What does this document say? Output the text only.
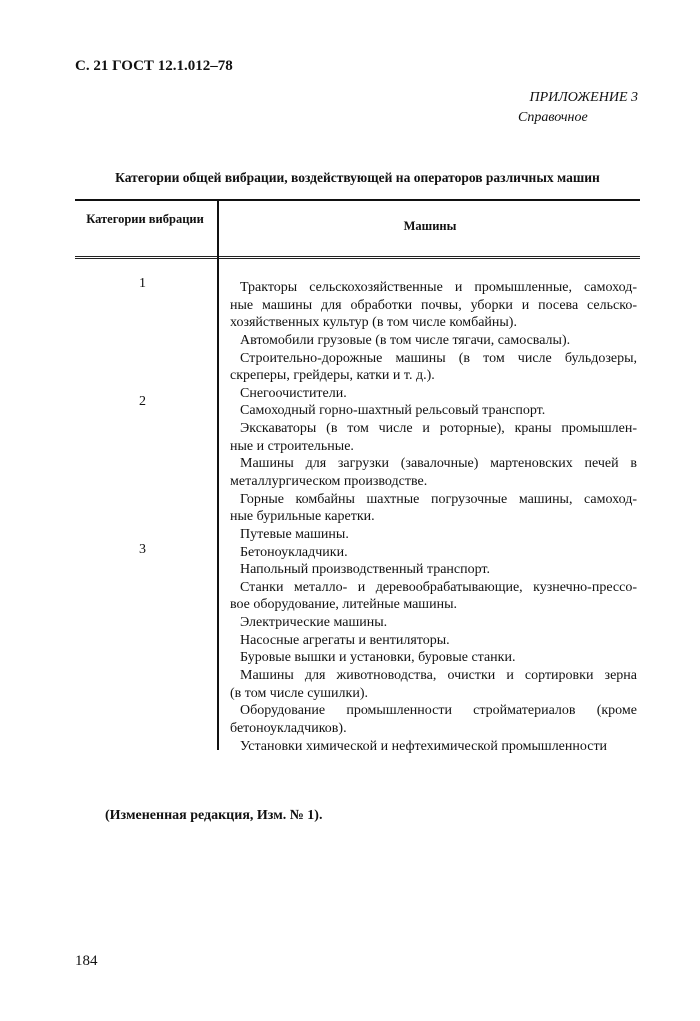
С. 21 ГОСТ 12.1.012–78
ПРИЛОЖЕНИЕ 3
Справочное
Категории общей вибрации, воздействующей на операторов различных машин
Категории вибрации	Машины
1
2
3
Тракторы сельскохозяйственные и промышленные, самоход-
ные машины для обработки почвы, уборки и посева сельско-
хозяйственных культур (в том числе комбайны).
Автомобили грузовые (в том числе тягачи, самосвалы).
Строительно-дорожные машины (в том числе бульдозеры,
скреперы, грейдеры, катки и т. д.).
Снегоочистители.
Самоходный горно-шахтный рельсовый транспорт.
Экскаваторы (в том числе и роторные), краны промышлен-
ные и строительные.
Машины для загрузки (завалочные) мартеновских печей в
металлургическом производстве.
Горные комбайны шахтные погрузочные машины, самоход-
ные бурильные каретки.
Путевые машины.
Бетоноукладчики.
Напольный производственный транспорт.
Станки металло- и деревообрабатывающие, кузнечно-прессо-
вое оборудование, литейные машины.
Электрические машины.
Насосные агрегаты и вентиляторы.
Буровые вышки и установки, буровые станки.
Машины для животноводства, очистки и сортировки зерна
(в том числе сушилки).
Оборудование промышленности стройматериалов (кроме
бетоноукладчиков).
Установки химической и нефтехимической промышленности
(Измененная редакция, Изм. № 1).
184
